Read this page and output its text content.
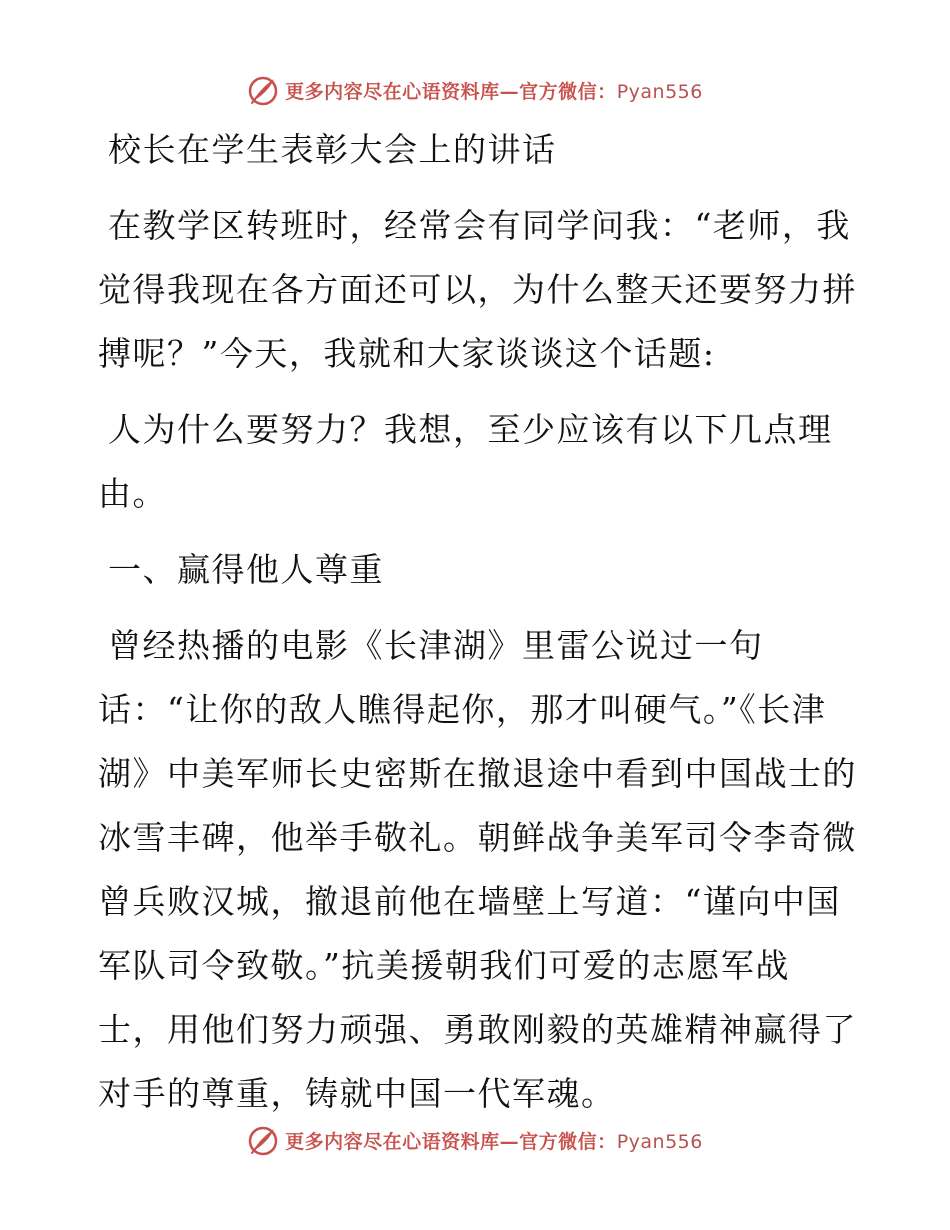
更多内容尽在心语资料库—官方微信：Pyan556

校长在学生表彰大会上的讲话

在教学区转班时，经常会有同学问我：“老师，我觉得我现在各方面还可以，为什么整天还要努力拼搏呢？”今天，我就和大家谈谈这个话题:

人为什么要努力？我想，至少应该有以下几点理由。

一、赢得他人尊重

曾经热播的电影《长津湖》里雷公说过一句话：“让你的敌人瞧得起你，那才叫硬气。”《长津湖》中美军师长史密斯在撤退途中看到中国战士的冰雪丰碑，他举手敬礼。朝鲜战争美军司令李奇微曾兵败汉城，撤退前他在墙壁上写道：“谨向中国军队司令致敬。”抗美援朝我们可爱的志愿军战士，用他们努力顽强、勇敢刚毅的英雄精神赢得了对手的尊重，铸就中国一代军魂。

更多内容尽在心语资料库—官方微信：Pyan556
